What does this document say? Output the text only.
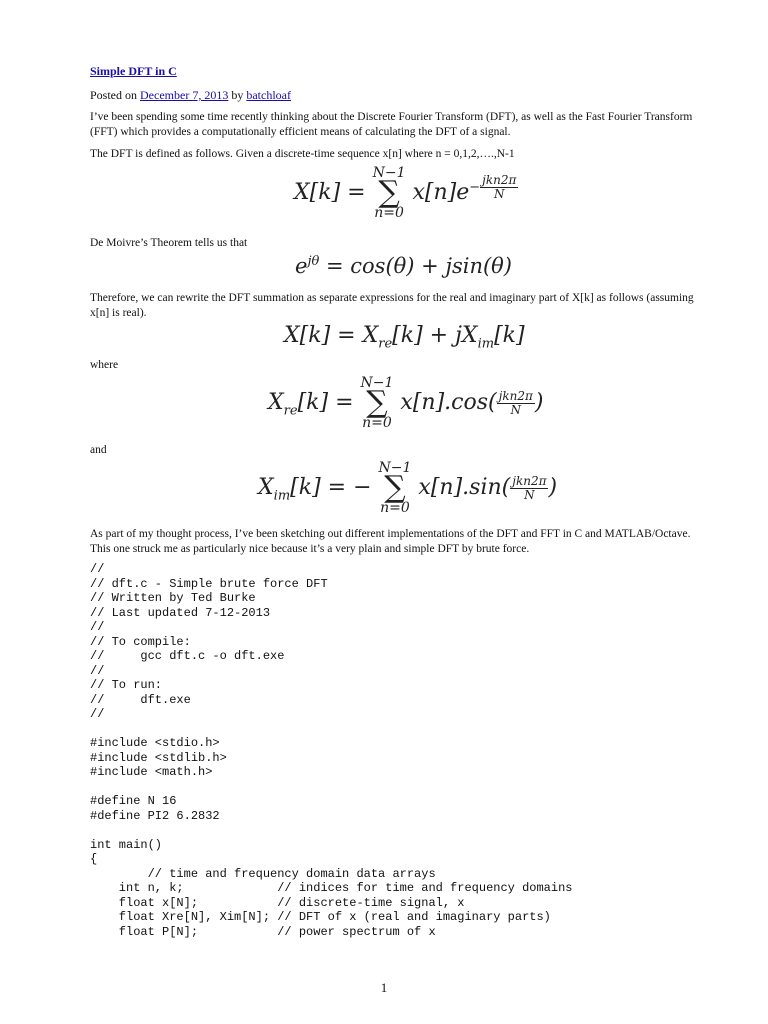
Simple DFT in C
Posted on December 7, 2013 by batchloaf
I’ve been spending some time recently thinking about the Discrete Fourier Transform (DFT), as well as the Fast Fourier Transform (FFT) which provides a computationally efficient means of calculating the DFT of a signal.
The DFT is defined as follows. Given a discrete-time sequence x[n] where n = 0,1,2,….,N-1
X[k] =
N−1
∑
n=0
$x[n]e^{- \frac{\text{jkn2π}}{N}}$
De Moivre’s Theorem tells us that
$e^{j\theta} = \cos(\theta) + jsin(\theta)$
Therefore, we can rewrite the DFT summation as separate expressions for the real and imaginary part of X[k] as follows (assuming x[n] is real).
$X[k] = X_{re}[k] + jX_{im}[k]$
where
$X_{re}[k]$ =
N−1
∑
n=0
$x[n].\cos( \frac{\text{jkn2π}}{N}$ )
and
$X_{im}[k]$ = −
N−1
∑
n=0
$x[n].\sin( \frac{\text{jkn2π}}{N}$ )
As part of my thought process, I’ve been sketching out different implementations of the DFT and FFT in C and MATLAB/Octave. This one struck me as particularly nice because it’s a very plain and simple DFT by brute force.
//
// dft.c - Simple brute force DFT
// Written by Ted Burke
// Last updated 7-12-2013
//
// To compile:
//     gcc dft.c -o dft.exe
//
// To run:
//     dft.exe
//

#include <stdio.h>
#include <stdlib.h>
#include <math.h>

#define N 16
#define PI2 6.2832

int main()
{
// time and frequency domain data arrays
int n, k;             // indices for time and frequency domains
float x[N];           // discrete-time signal, x
float Xre[N], Xim[N]; // DFT of x (real and imaginary parts)
float P[N];           // power spectrum of x
1
